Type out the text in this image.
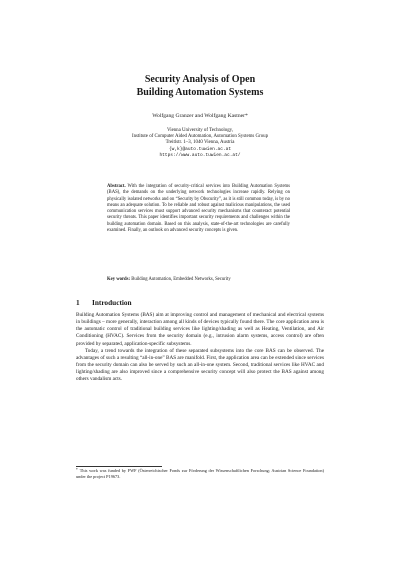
Security Analysis of Open
Building Automation Systems
Wolfgang Granzer and Wolfgang Kastner*
Vienna University of Technology,
Institute of Computer Aided Automation, Automation Systems Group
Treitlstr. 1–3, 1040 Vienna, Austria
{w,k}@auto.tuwien.ac.at
https://www.auto.tuwien.ac.at/
Abstract. With the integration of security-critical services into Building Automation Systems (BAS), the demands on the underlying network technologies increase rapidly. Relying on physically isolated networks and on “Security by Obscurity”, as it is still common today, is by no means an adequate solution. To be reliable and robust against malicious manipulations, the used communication services must support advanced security mechanisms that counteract potential security threats. This paper identifies important security requirements and challenges within the building automation domain. Based on this analysis, state-of-the-art technologies are carefully examined. Finally, an outlook on advanced security concepts is given.
Key words: Building Automation, Embedded Networks, Security
1 Introduction

Building Automation Systems (BAS) aim at improving control and management of mechanical and electrical systems in buildings – more generally, interaction among all kinds of devices typically found there. The core application area is the automatic control of traditional building services like lighting/shading as well as Heating, Ventilation, and Air Conditioning (HVAC). Services from the security domain (e.g., intrusion alarm systems, access control) are often provided by separated, application-specific subsystems.

Today, a trend towards the integration of these separated subsystems into the core BAS can be observed. The advantages of such a resulting “all-in-one” BAS are manifold. First, the application area can be extended since services from the security domain can also be served by such an all-in-one system. Second, traditional services like HVAC and lighting/shading are also improved since a comprehensive security concept will also protect the BAS against among others vandalism acts.

* This work was funded by FWF (Österreichischer Fonds zur Förderung der Wissenschaftlichen Forschung; Austrian Science Foundation) under the project P19673.
